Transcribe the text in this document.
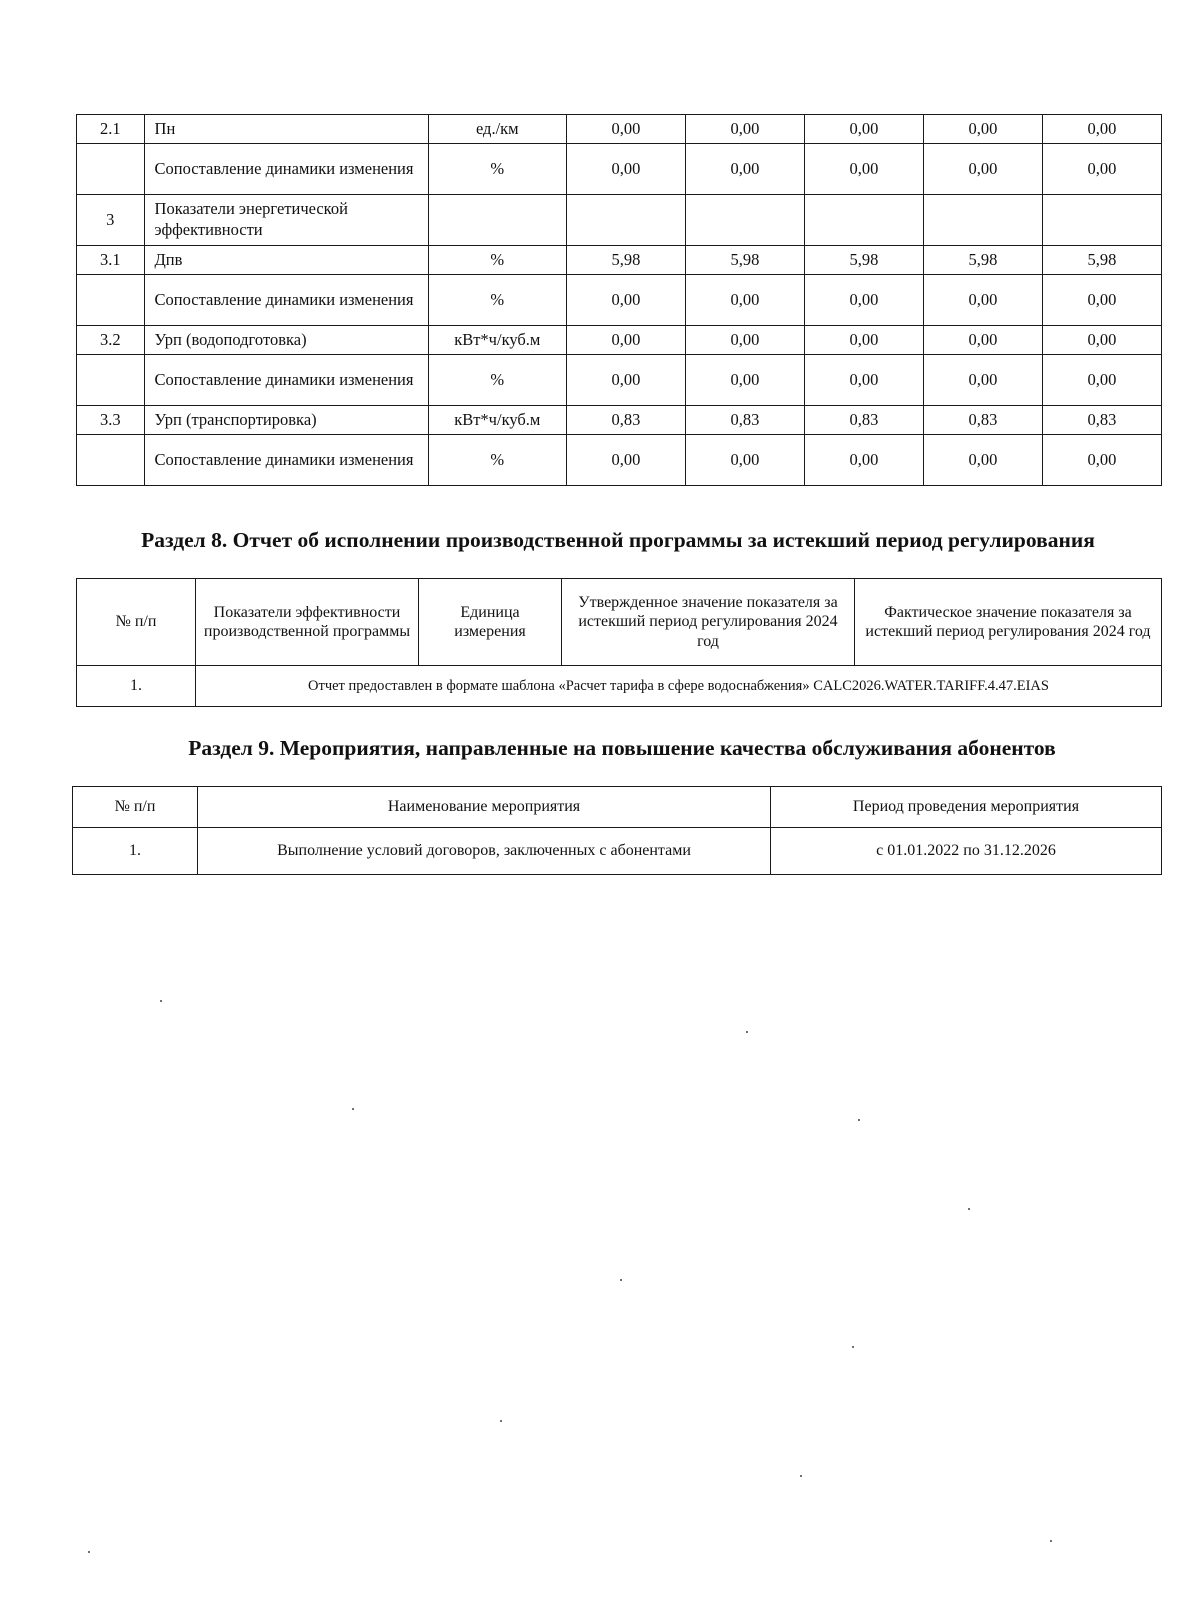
2.1	Пн	ед./км	0,00	0,00	0,00	0,00	0,00
	Сопоставление динамики изменения	%	0,00	0,00	0,00	0,00	0,00
3	Показатели энергетической эффективности						
3.1	Дпв	%	5,98	5,98	5,98	5,98	5,98
	Сопоставление динамики изменения	%	0,00	0,00	0,00	0,00	0,00
3.2	Урп (водоподготовка)	кВт*ч/куб.м	0,00	0,00	0,00	0,00	0,00
	Сопоставление динамики изменения	%	0,00	0,00	0,00	0,00	0,00
3.3	Урп (транспортировка)	кВт*ч/куб.м	0,83	0,83	0,83	0,83	0,83
	Сопоставление динамики изменения	%	0,00	0,00	0,00	0,00	0,00
Раздел 8. Отчет об исполнении производственной программы за истекший период регулирования
№ п/п	Показатели эффективности производственной программы	Единица измерения	Утвержденное значение показателя за истекший период регулирования 2024 год	Фактическое значение показателя за истекший период регулирования 2024 год
1.	Отчет предоставлен в формате шаблона «Расчет тарифа в сфере водоснабжения» CALC2026.WATER.TARIFF.4.47.EIAS			
Раздел 9. Мероприятия, направленные на повышение качества обслуживания абонентов
№ п/п	Наименование мероприятия	Период проведения мероприятия
1.	Выполнение условий договоров, заключенных с абонентами	с 01.01.2022 по 31.12.2026
